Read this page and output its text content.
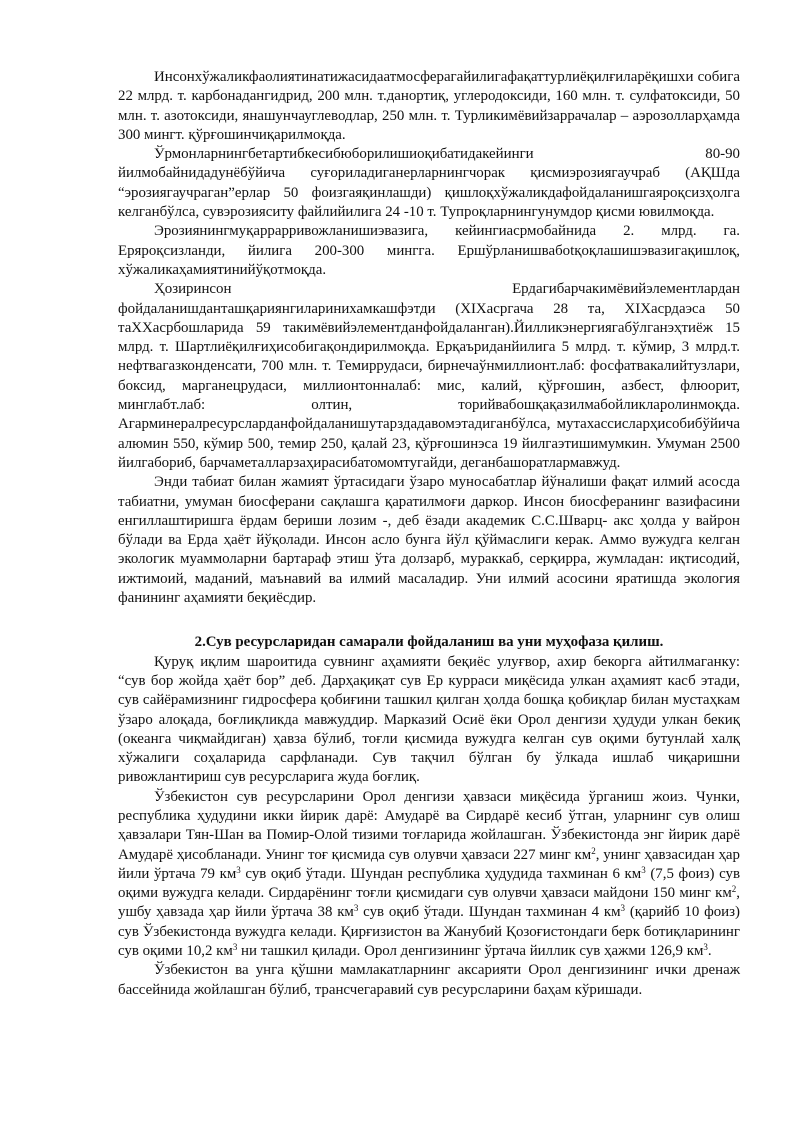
Инсонхўжаликфаолиятинатижасидаатмосферагайилигафақаттурлиёқилғиларёқишхи собига 22 млрд. т. карбонадангидрид, 200 млн. т.данортиқ, углеродоксиди, 160 млн. т. сулфатоксиди, 50 млн. т. азотоксиди, янашунчауглеводлар, 250 млн. т. Турликимёвийзаррачалар – аэрозолларҳамда 300 мингт. қўрғошинчиқарилмоқда.

Ўрмонларнингбетартибкесибюборилишиоқибатидакейинги 80-90 йилмобайнидадунёбўйича суғориладиганерларнингчорак қисмиэрозиягаучраб (АҚШда “эрозиягаучраган”ерлар 50 фоизгаяқинлашди) қишлоқхўжаликдафойдаланишгаяроқсизҳолга келганбўлса, сувэрозияситу файлийилига 24 -10 т. Тупроқларнингунумдор қисми ювилмоқда.

Эрозиянингмуқаррарривожланишиэвазига, кейингиасрмобайнида 2. млрд. га. Еряроқсизланди, йилига 200-300 мингга. Ершўрланишвабоtқоқлашишэвазигақишлоқ, хўжаликаҳамиятинийўқотмоқда.

Ҳозиринсон Ердагибарчакимёвийэлементлардан фойдаланишданташқариянгиларинихамкашфэтди (XIXасргача 28 та, XIXасрдаэса 50 таXXасрбошларида 59 такимёвийэлементданфойдаланган).Йилликэнергиягабўлганэҳтиёж 15 млрд. т. Шартлиёқилғиҳисобигақондирилмоқда. Ерқаъриданйилига 5 млрд. т. кўмир, 3 млрд.т. нефтвагазконденсати, 700 млн. т. Темиррудаси, бирнечаўнмиллионт.лаб: фосфатвакалийтузлари, боксид, марганецрудаси, миллионтонналаб: мис, калий, қўрғошин, азбест, флюорит, минглабт.лаб: олтин, торийвабошқақазилмабойликларолинмоқда. Агарминералресурсларданфойдаланишутарздадавомэтадиганбўлса, мутахассисларҳисобибўйича алюмин 550, кўмир 500, темир 250, қалай 23, қўрғошинэса 19 йилгаэтишимумкин. Умуман 2500 йилгабориб, барчаметалларзаҳирасибатомомтугайди, деганбашоратлармавжуд.

Энди табиат билан жамият ўртасидаги ўзаро муносабатлар йўналиши фақат илмий асосда табиатни, умуман биосферани сақлашга қаратилмоғи даркор. Инсон биосферанинг вазифасини енгиллаштиришга ёрдам бериши лозим -, деб ёзади академик С.С.Шварц- акс ҳолда у вайрон бўлади ва Ерда ҳаёт йўқолади. Инсон асло бунга йўл қўймаслиги керак. Аммо вужудга келган экологик муаммоларни бартараф этиш ўта долзарб, мураккаб, серқирра, жумладан: иқтисодий, ижтимоий, маданий, маънавий ва илмий масаладир. Уни илмий асосини яратишда экология фанининг аҳамияти беқиёсдир.

2.Сув ресурсларидан самарали фойдаланиш ва уни муҳофаза қилиш.

Қуруқ иқлим шароитида сувнинг аҳамияти беқиёс улуғвор, ахир бекорга айтилмаганку: “сув бор жойда ҳаёт бор” деб. Дарҳақиқат сув Ер курраси миқёсида улкан аҳамият касб этади, сув сайёрамизнинг гидросфера қобиғини ташкил қилган ҳолда бошқа қобиқлар билан мустаҳкам ўзаро алоқада, боғлиқликда мавжуддир. Марказий Осиё ёки Орол денгизи ҳудуди улкан бекиқ (океанга чиқмайдиган) ҳавза бўлиб, тоғли қисмида вужудга келган сув оқими бутунлай халқ хўжалиги соҳаларида сарфланади. Сув тақчил бўлган бу ўлкада ишлаб чиқаришни ривожлантириш сув ресурсларига жуда боғлиқ.

Ўзбекистон сув ресурсларини Орол денгизи ҳавзаси миқёсида ўрганиш жоиз. Чунки, республика ҳудудини икки йирик дарё: Амударё ва Сирдарё кесиб ўтган, уларнинг сув олиш ҳавзалари Тян-Шан ва Помир-Олой тизими тоғларида жойлашган. Ўзбекистонда энг йирик дарё Амударё ҳисобланади. Унинг тоғ қисмида сув олувчи ҳавзаси 227 минг $км^2$, унинг ҳавзасидан ҳар йили ўртача 79 $км^3$ сув оқиб ўтади. Шундан республика ҳудудида тахминан 6 $км^3$ (7,5 фоиз) сув оқими вужудга келади. Сирдарёнинг тоғли қисмидаги сув олувчи ҳавзаси майдони 150 минг $км^2$, ушбу ҳавзада ҳар йили ўртача 38 $км^3$ сув оқиб ўтади. Шундан тахминан 4 $км^3$ (қарийб 10 фоиз) сув Ўзбекистонда вужудга келади. Қирғизистон ва Жанубий Қозоғистондаги берк ботиқларининг сув оқими 10,2 $км^3$ ни ташкил қилади. Орол денгизининг ўртача йиллик сув ҳажми 126,9 $км^3$.

Ўзбекистон ва унга қўшни мамлакатларнинг аксарияти Орол денгизининг ички дренаж бассейнида жойлашган бўлиб, трансчегаравий сув ресурсларини баҳам кўришади.
